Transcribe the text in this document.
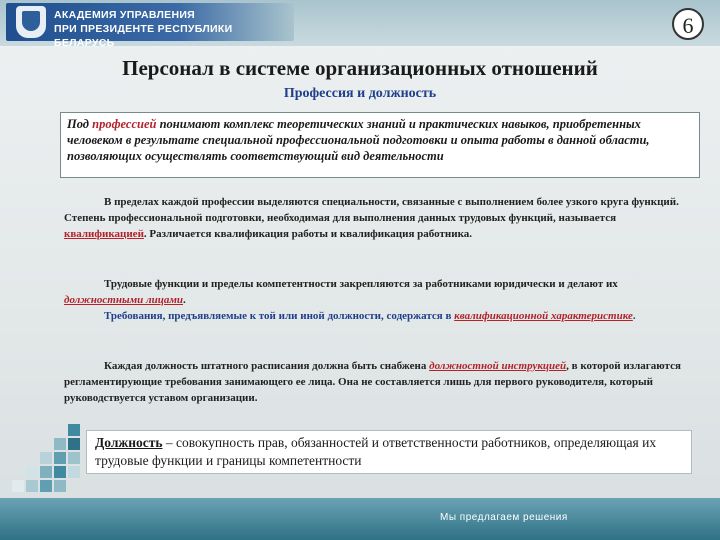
АКАДЕМИЯ УПРАВЛЕНИЯ
ПРИ ПРЕЗИДЕНТЕ РЕСПУБЛИКИ БЕЛАРУСЬ
6
Персонал в системе организационных отношений
Профессия и должность
Под профессией понимают комплекс теоретических знаний и практических навыков, приобретенных человеком в результате специальной профессиональной подготовки и опыта работы в данной области, позволяющих осуществлять соответствующий вид деятельности
В пределах каждой профессии выделяются специальности, связанные с выполнением более узкого круга функций. Степень профессиональной подготовки, необходимая для выполнения данных трудовых функций, называется квалификацией. Различается квалификация работы и квалификация работника.
Трудовые функции и пределы компетентности закрепляются за работниками юридически и делают их должностными лицами.
Требования, предъявляемые к той или иной должности, содержатся в квалификационной характеристике.
Каждая должность штатного расписания должна быть снабжена должностной инструкцией, в которой излагаются регламентирующие требования занимающего ее лица. Она не составляется лишь для первого руководителя, который руководствуется уставом организации.
Должность – совокупность прав, обязанностей и ответственности работников, определяющая их трудовые функции и границы компетентности
Мы предлагаем решения
